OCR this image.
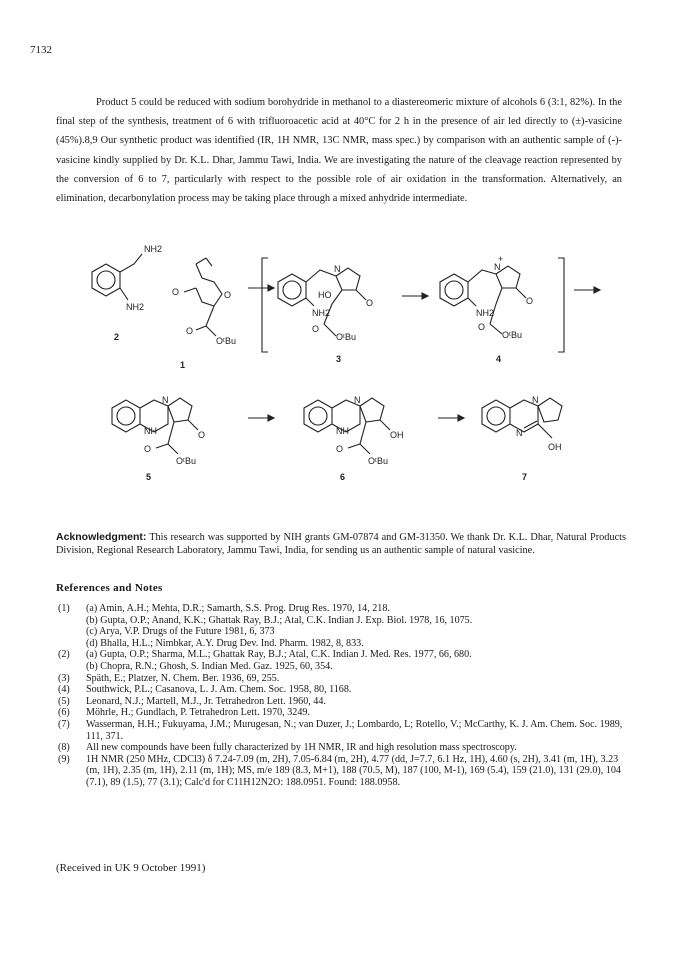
7132
Product 5 could be reduced with sodium borohydride in methanol to a diastereomeric mixture of alcohols 6 (3:1, 82%). In the final step of the synthesis, treatment of 6 with trifluoroacetic acid at 40°C for 2 h in the presence of air led directly to (±)-vasicine (45%).8,9 Our synthetic product was identified (IR, 1H NMR, 13C NMR, mass spec.) by comparison with an authentic sample of (-)-vasicine kindly supplied by Dr. K.L. Dhar, Jammu Tawi, India. We are investigating the nature of the cleavage reaction represented by the conversion of 6 to 7, particularly with respect to the possible role of air oxidation in the transformation. Alternatively, an elimination, decarbonylation process may be taking place through a mixed anhydride intermediate.
NH2
NH2
2
O	O
O
OᵗBu
1
N
HO
O
NH2
O
OᵗBu
3
N
+
O
NH2
O
OᵗBu
4
N
NH	O
O
OᵗBu
5
N
NH	OH
O
OᵗBu
6
N
N
OH
7
Acknowledgment: This research was supported by NIH grants GM-07874 and GM-31350. We thank Dr. K.L. Dhar, Natural Products Division, Regional Research Laboratory, Jammu Tawi, India, for sending us an authentic sample of natural vasicine.
References and Notes
(1)	(a) Amin, A.H.; Mehta, D.R.; Samarth, S.S. Prog. Drug Res. 1970, 14, 218.
(b) Gupta, O.P.; Anand, K.K.; Ghattak Ray, B.J.; Atal, C.K. Indian J. Exp. Biol. 1978, 16, 1075.
(c) Arya, V.P. Drugs of the Future 1981, 6, 373
(d) Bhalla, H.L.; Nimbkar, A.Y. Drug Dev. Ind. Pharm. 1982, 8, 833.
(2)	(a) Gupta, O.P.; Sharma, M.L.; Ghattak Ray, B.J.; Atal, C.K. Indian J. Med. Res. 1977, 66, 680.
(b) Chopra, R.N.; Ghosh, S. Indian Med. Gaz. 1925, 60, 354.
(3)	Späth, E.; Platzer, N. Chem. Ber. 1936, 69, 255.
(4)	Southwick, P.L.; Casanova, L. J. Am. Chem. Soc. 1958, 80, 1168.
(5)	Leonard, N.J.; Martell, M.J., Jr. Tetrahedron Lett. 1960, 44.
(6)	Möhrle, H.; Gundlach, P. Tetrahedron Lett. 1970, 3249.
(7)	Wasserman, H.H.; Fukuyama, J.M.; Murugesan, N.; van Duzer, J.; Lombardo, L; Rotello, V.; McCarthy, K. J. Am. Chem. Soc. 1989, 111, 371.
(8)	All new compounds have been fully characterized by 1H NMR, IR and high resolution mass spectroscopy.
(9)	1H NMR (250 MHz, CDCl3) δ 7.24-7.09 (m, 2H), 7.05-6.84 (m, 2H), 4.77 (dd, J=7.7, 6.1 Hz, 1H), 4.60 (s, 2H), 3.41 (m, 1H), 3.23 (m, 1H), 2.35 (m, 1H), 2.11 (m, 1H); MS, m/e 189 (8.3, M+1), 188 (70.5, M), 187 (100, M-1), 169 (5.4), 159 (21.0), 131 (29.0), 104 (7.1), 89 (1.5), 77 (3.1); Calc'd for C11H12N2O: 188.0951. Found: 188.0958.
(Received in UK 9 October 1991)
